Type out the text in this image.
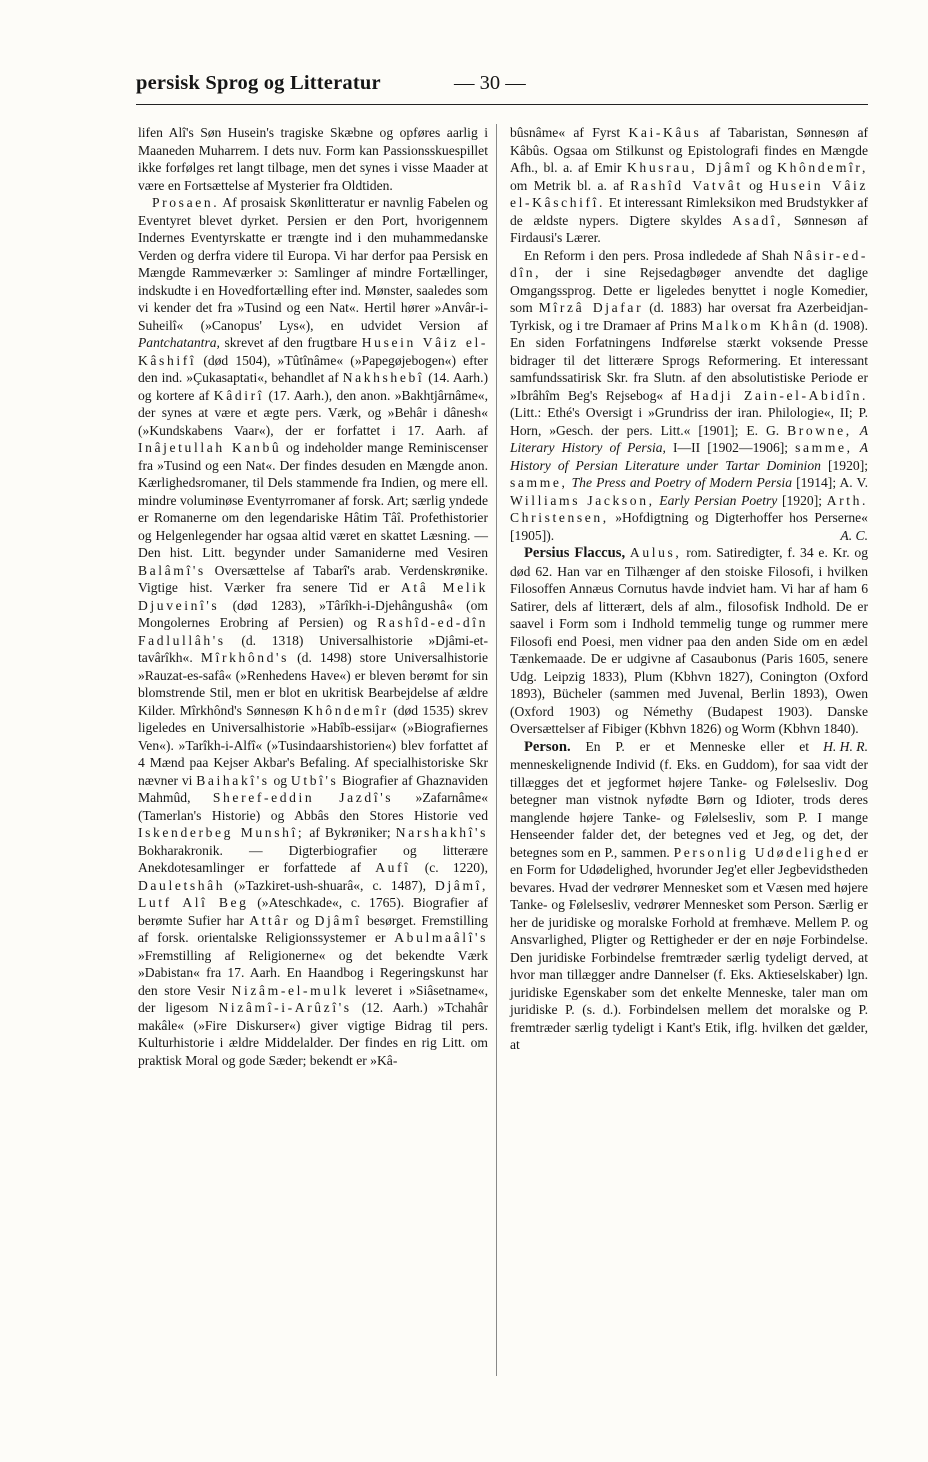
persisk Sprog og Litteratur	— 30 —

lifen Alî's Søn Husein's tragiske Skæbne og opføres aarlig i Maaneden Muharrem. I dets nuv. Form kan Passionsskuespillet ikke forfølges ret langt tilbage, men det synes i visse Maader at være en Fortsættelse af Mysterier fra Oldtiden.

Prosaen. Af prosaisk Skønlitteratur er navnlig Fabelen og Eventyret blevet dyrket. Persien er den Port, hvorigennem Indernes Eventyrskatte er trængte ind i den muhammedanske Verden og derfra videre til Europa. Vi har derfor paa Persisk en Mængde Rammeværker ɔ: Samlinger af mindre Fortællinger, indskudte i en Hovedfortælling efter ind. Mønster, saaledes som vi kender det fra »Tusind og een Nat«. Hertil hører »Anvâr-i-Suheilî« (»Canopus' Lys«), en udvidet Version af Pantchatantra, skrevet af den frugtbare Husein Vâiz el-Kâshifî (død 1504), »Tûtînâme« (»Papegøjebogen«) efter den ind. »Çukasaptati«, behandlet af Nakhshebî (14. Aarh.) og kortere af Kâdirî (17. Aarh.), den anon. »Bakhtjârnâme«, der synes at være et ægte pers. Værk, og »Behâr i dânesh« (»Kundskabens Vaar«), der er forfattet i 17. Aarh. af Inâjetullah Kanbû og indeholder mange Reminiscenser fra »Tusind og een Nat«. Der findes desuden en Mængde anon. Kærlighedsromaner, til Dels stammende fra Indien, og mere ell. mindre voluminøse Eventyrromaner af forsk. Art; særlig yndede er Romanerne om den legendariske Hâtim Tâî. Profethistorier og Helgenlegender har ogsaa altid været en skattet Læsning. — Den hist. Litt. begynder under Samaniderne med Vesiren Balâmî's Oversættelse af Tabarî's arab. Verdenskrønike. Vigtige hist. Værker fra senere Tid er Atâ Melik Djuveinî's (død 1283), »Târîkh-i-Djehângushâ« (om Mongolernes Erobring af Persien) og Rashîd-ed-dîn Fadlullâh's (d. 1318) Universalhistorie »Djâmi-et-tavârîkh«. Mîrkhônd's (d. 1498) store Universalhistorie »Rauzat-es-safâ« (»Renhedens Have«) er bleven berømt for sin blomstrende Stil, men er blot en ukritisk Bearbejdelse af ældre Kilder. Mîrkhônd's Sønnesøn Khôndemîr (død 1535) skrev ligeledes en Universalhistorie »Habîb-essijar« (»Biografiernes Ven«). »Tarîkh-i-Alfî« (»Tusindaarshistorien«) blev forfattet af 4 Mænd paa Kejser Akbar's Befaling. Af specialhistoriske Skr nævner vi Baihakî's og Utbî's Biografier af Ghaznaviden Mahmûd, Sheref-eddin Jazdî's »Zafarnâme« (Tamerlan's Historie) og Abbâs den Stores Historie ved Iskenderbeg Munshî; af Bykrøniker; Narshakhî's Bokharakronik. — Digterbiografier og litterære Anekdotesamlinger er forfattede af Aufî (c. 1220), Dauletshâh (»Tazkiret-ush-shuarâ«, c. 1487), Djâmî, Lutf Alî Beg (»Ateschkade«, c. 1765). Biografier af berømte Sufier har Attâr og Djâmî besørget. Fremstilling af forsk. orientalske Religionssystemer er Abulmaâlî's »Fremstilling af Religionerne« og det bekendte Værk »Dabistan« fra 17. Aarh. En Haandbog i Regeringskunst har den store Vesir Nizâm-el-mulk leveret i »Siâsetname«, der ligesom Nizâmî-i-Arûzî's (12. Aarh.) »Tchahâr makâle« (»Fire Diskurser«) giver vigtige Bidrag til pers. Kulturhistorie i ældre Middelalder. Der findes en rig Litt. om praktisk Moral og gode Sæder; bekendt er »Kâ-

bûsnâme« af Fyrst Kai-Kâus af Tabaristan, Sønnesøn af Kâbûs. Ogsaa om Stilkunst og Epistolografi findes en Mængde Afh., bl. a. af Emir Khusrau, Djâmî og Khôndemîr, om Metrik bl. a. af Rashîd Vatvât og Husein Vâiz el-Kâschifî. Et interessant Rimleksikon med Brudstykker af de ældste nypers. Digtere skyldes Asadî, Sønnesøn af Firdausi's Lærer.

En Reform i den pers. Prosa indledede af Shah Nâsir-ed-dîn, der i sine Rejsedagbøger anvendte det daglige Omgangssprog. Dette er ligeledes benyttet i nogle Komedier, som Mîrzâ Djafar (d. 1883) har oversat fra Azerbeidjan-Tyrkisk, og i tre Dramaer af Prins Malkom Khân (d. 1908). En siden Forfatningens Indførelse stærkt voksende Presse bidrager til det litterære Sprogs Reformering. Et interessant samfundssatirisk Skr. fra Slutn. af den absolutistiske Periode er »Ibrâhîm Beg's Rejsebog« af Hadji Zain-el-Abidîn. (Litt.: Ethé's Oversigt i »Grundriss der iran. Philologie«, II; P. Horn, »Gesch. der pers. Litt.« [1901]; E. G. Browne, A Literary History of Persia, I—II [1902—1906]; samme, A History of Persian Literature under Tartar Dominion [1920]; samme, The Press and Poetry of Modern Persia [1914]; A. V. Williams Jackson, Early Persian Poetry [1920]; Arth. Christensen, »Hofdigtning og Digterhoffer hos Perserne« [1905]).	A. C.

Persius Flaccus, Aulus, rom. Satiredigter, f. 34 e. Kr. og død 62. Han var en Tilhænger af den stoiske Filosofi, i hvilken Filosoffen Annæus Cornutus havde indviet ham. Vi har af ham 6 Satirer, dels af litterært, dels af alm., filosofisk Indhold. De er saavel i Form som i Indhold temmelig tunge og rummer mere Filosofi end Poesi, men vidner paa den anden Side om en ædel Tænkemaade. De er udgivne af Casaubonus (Paris 1605, senere Udg. Leipzig 1833), Plum (Kbhvn 1827), Conington (Oxford 1893), Bücheler (sammen med Juvenal, Berlin 1893), Owen (Oxford 1903) og Némethy (Budapest 1903). Danske Oversættelser af Fibiger (Kbhvn 1826) og Worm (Kbhvn 1840).
H. H. R.

Person. En P. er et Menneske eller et menneskelignende Individ (f. Eks. en Guddom), for saa vidt der tillægges det et jegformet højere Tanke- og Følelsesliv. Dog betegner man vistnok nyfødte Børn og Idioter, trods deres manglende højere Tanke- og Følelsesliv, som P. I mange Henseender falder det, der betegnes ved et Jeg, og det, der betegnes som en P., sammen. Personlig Udødelighed er en Form for Udødelighed, hvorunder Jeg'et eller Jegbevidstheden bevares. Hvad der vedrører Mennesket som et Væsen med højere Tanke- og Følelsesliv, vedrører Mennesket som Person. Særlig er her de juridiske og moralske Forhold at fremhæve. Mellem P. og Ansvarlighed, Pligter og Rettigheder er der en nøje Forbindelse. Den juridiske Forbindelse fremtræder særlig tydeligt derved, at hvor man tillægger andre Dannelser (f. Eks. Aktieselskaber) lgn. juridiske Egenskaber som det enkelte Menneske, taler man om juridiske P. (s. d.). Forbindelsen mellem det moralske og P. fremtræder særlig tydeligt i Kant's Etik, iflg. hvilken det gælder, at
